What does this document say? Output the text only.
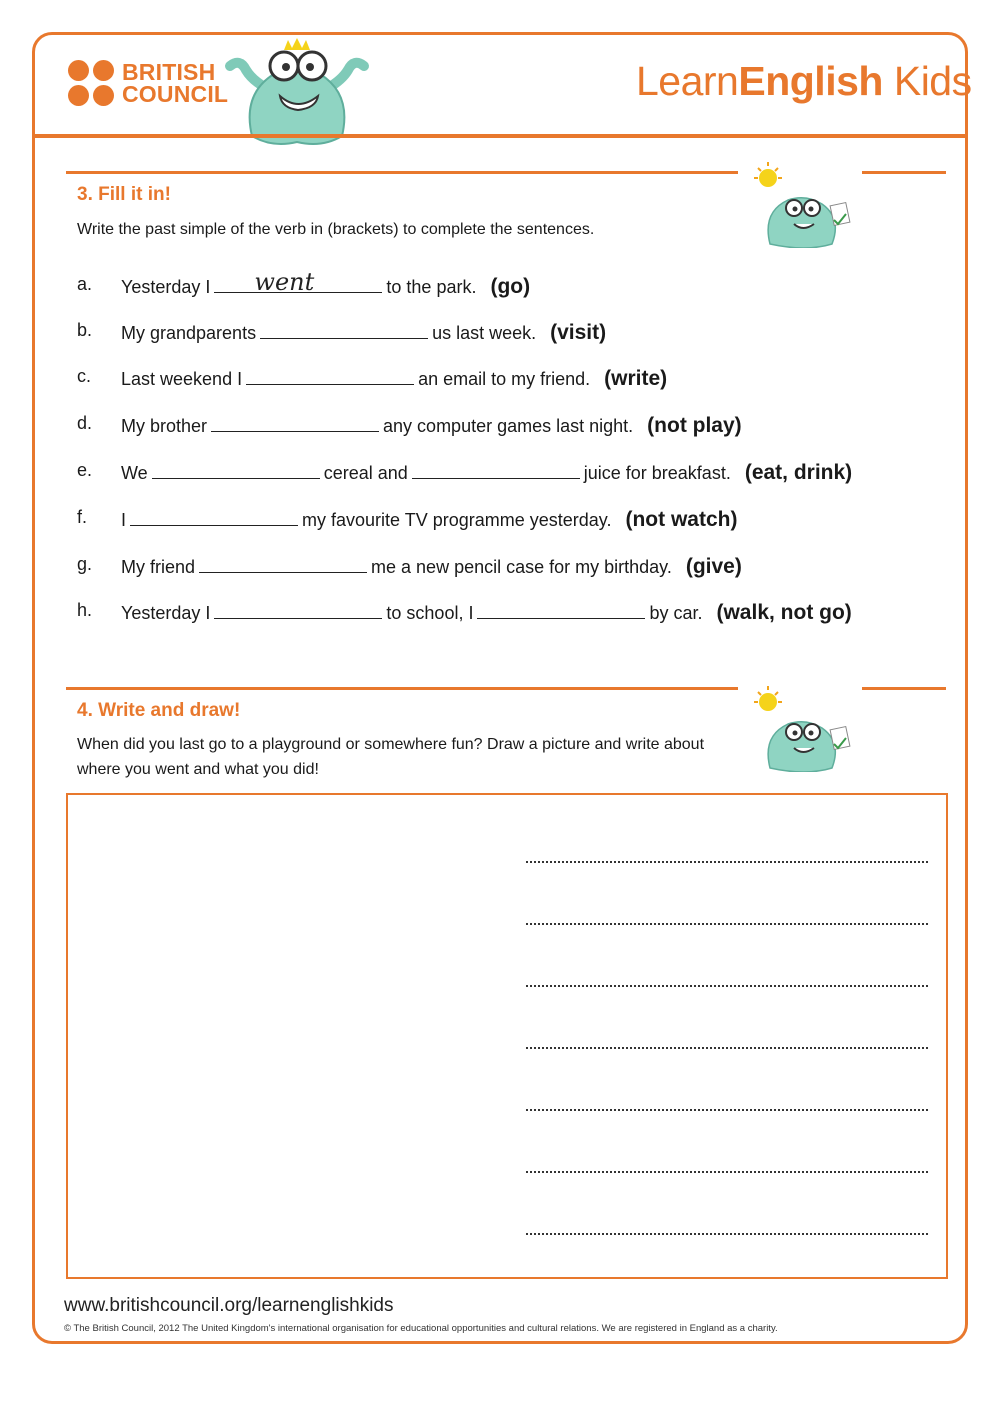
BRITISH
COUNCIL	LearnEnglish Kids
3. Fill it in!
Write the past simple of the verb in (brackets) to complete the sentences.
a.	Yesterday I went	to the park. (go)
b.	My grandparents	us last week. (visit)
c.	Last weekend I	an email to my friend. (write)
d.	My brother	any computer games last night. (not play)
e.	We	cereal and	juice for breakfast. (eat, drink)
f.	I	my favourite TV programme yesterday. (not watch)
g.	My friend	me a new pencil case for my birthday. (give)
h.	Yesterday I	to school, I	by car. (walk, not go)
4. Write and draw!
When did you last go to a playground or somewhere fun? Draw a picture and write about where you went and what you did!
www.britishcouncil.org/learnenglishkids
© The British Council, 2012 The United Kingdom's international organisation for educational opportunities and cultural relations. We are registered in England as a charity.
